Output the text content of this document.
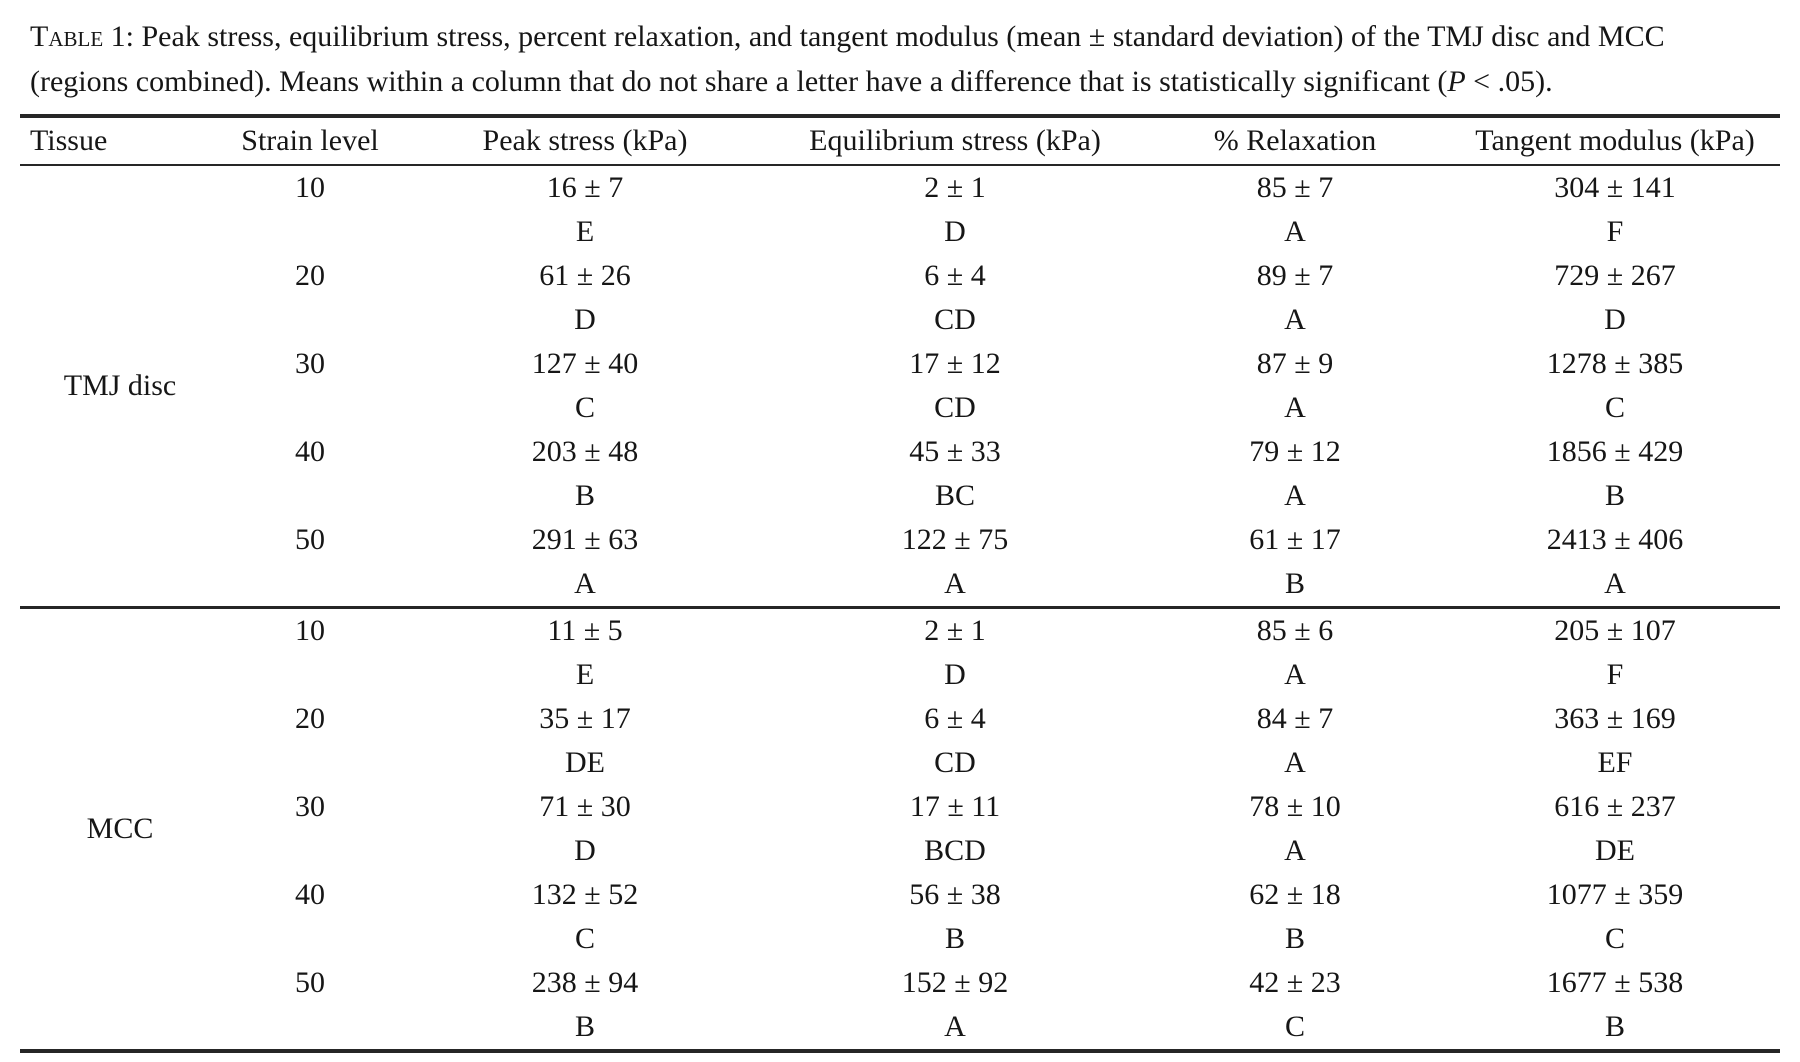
Table 1: Peak stress, equilibrium stress, percent relaxation, and tangent modulus (mean ± standard deviation) of the TMJ disc and MCC
(regions combined). Means within a column that do not share a letter have a difference that is statistically significant (P < .05).

Tissue	Strain level	Peak stress (kPa)	Equilibrium stress (kPa)	% Relaxation	Tangent modulus (kPa)
TMJ disc	10	16 ± 7	2 ± 1	85 ± 7	304 ± 141
		E	D	A	F
	20	61 ± 26	6 ± 4	89 ± 7	729 ± 267
		D	CD	A	D
	30	127 ± 40	17 ± 12	87 ± 9	1278 ± 385
		C	CD	A	C
	40	203 ± 48	45 ± 33	79 ± 12	1856 ± 429
		B	BC	A	B
	50	291 ± 63	122 ± 75	61 ± 17	2413 ± 406
		A	A	B	A
MCC	10	11 ± 5	2 ± 1	85 ± 6	205 ± 107
		E	D	A	F
	20	35 ± 17	6 ± 4	84 ± 7	363 ± 169
		DE	CD	A	EF
	30	71 ± 30	17 ± 11	78 ± 10	616 ± 237
		D	BCD	A	DE
	40	132 ± 52	56 ± 38	62 ± 18	1077 ± 359
		C	B	B	C
	50	238 ± 94	152 ± 92	42 ± 23	1677 ± 538
		B	A	C	B
